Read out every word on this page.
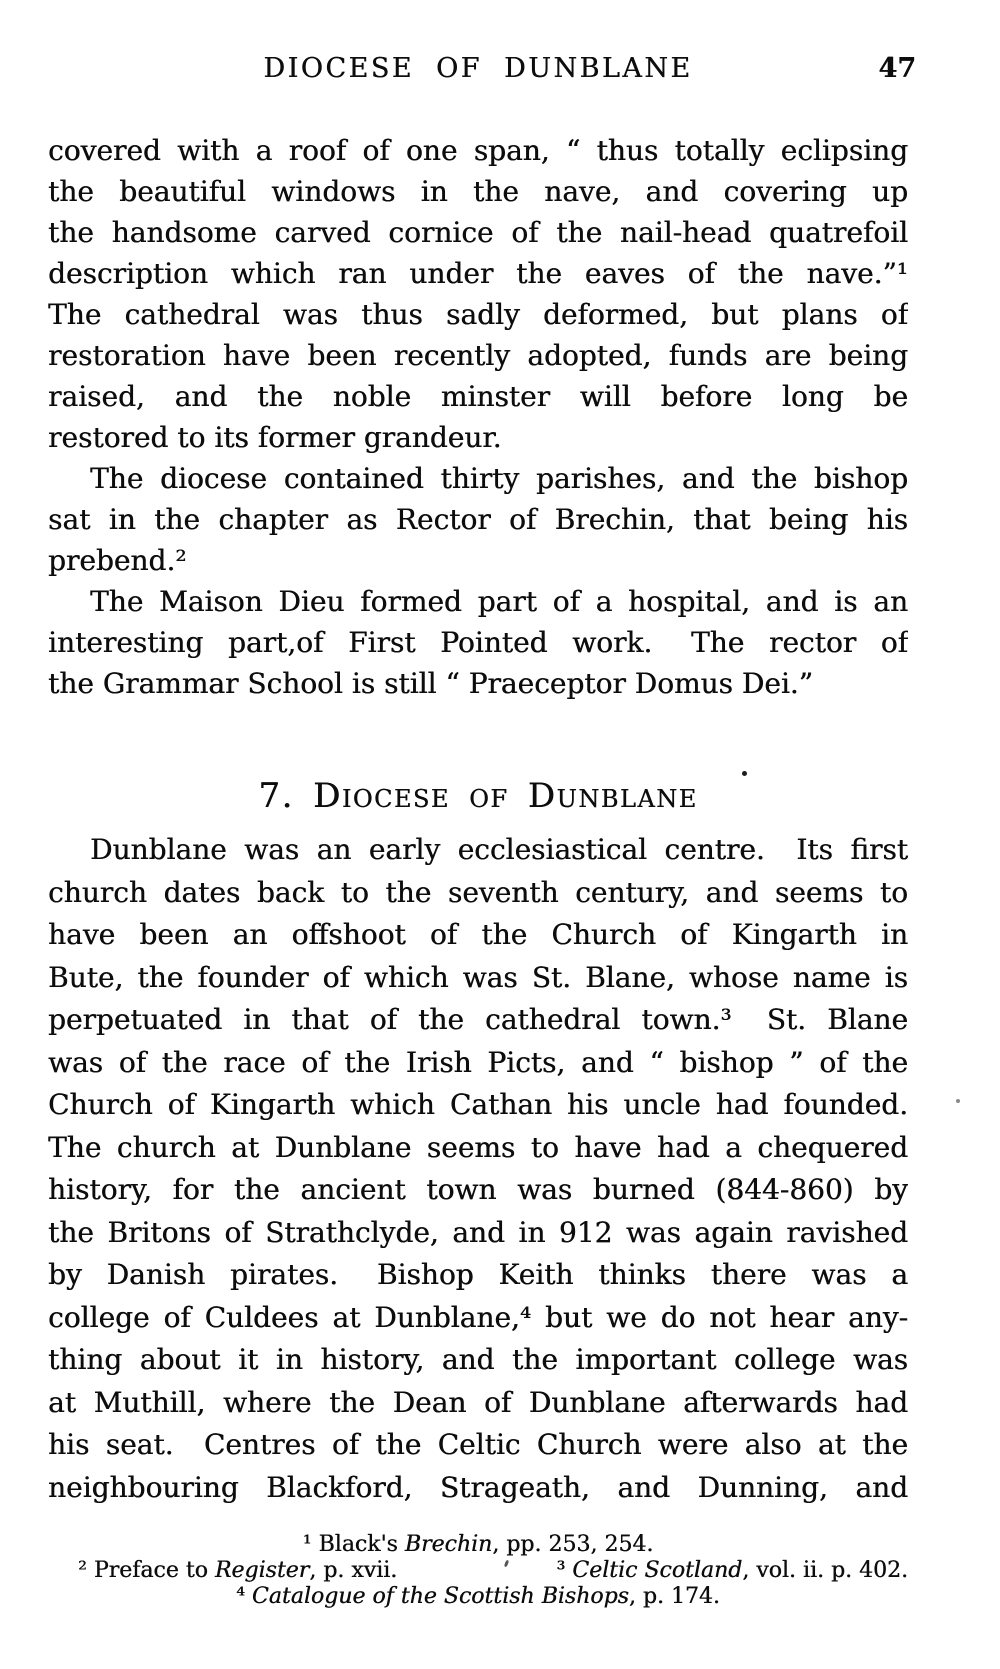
DIOCESE OF DUNBLANE	47
covered with a roof of one span, “ thus totally eclipsing
the beautiful windows in the nave, and covering up
the handsome carved cornice of the nail-head quatrefoil
description which ran under the eaves of the nave.”¹
The cathedral was thus sadly deformed, but plans of
restoration have been recently adopted, funds are being
raised, and the noble minster will before long be
restored to its former grandeur.
The diocese contained thirty parishes, and the bishop
sat in the chapter as Rector of Brechin, that being his
prebend.²
The Maison Dieu formed part of a hospital, and is an
interesting part,of First Pointed work.  The rector of
the Grammar School is still “ Praeceptor Domus Dei.”
7. Diocese of Dunblane
Dunblane was an early ecclesiastical centre.  Its first
church dates back to the seventh century, and seems to
have been an offshoot of the Church of Kingarth in
Bute, the founder of which was St. Blane, whose name is
perpetuated in that of the cathedral town.³  St. Blane
was of the race of the Irish Picts, and “ bishop ” of the
Church of Kingarth which Cathan his uncle had founded.
The church at Dunblane seems to have had a chequered
history, for the ancient town was burned (844-860) by
the Britons of Strathclyde, and in 912 was again ravished
by Danish pirates.  Bishop Keith thinks there was a
college of Culdees at Dunblane,⁴ but we do not hear any-
thing about it in history, and the important college was
at Muthill, where the Dean of Dunblane afterwards had
his seat.  Centres of the Celtic Church were also at the
neighbouring Blackford, Strageath, and Dunning, and
¹ Black's Brechin, pp. 253, 254.
² Preface to Register, p. xvii.	³ Celtic Scotland, vol. ii. p. 402.
⁴ Catalogue of the Scottish Bishops, p. 174.
